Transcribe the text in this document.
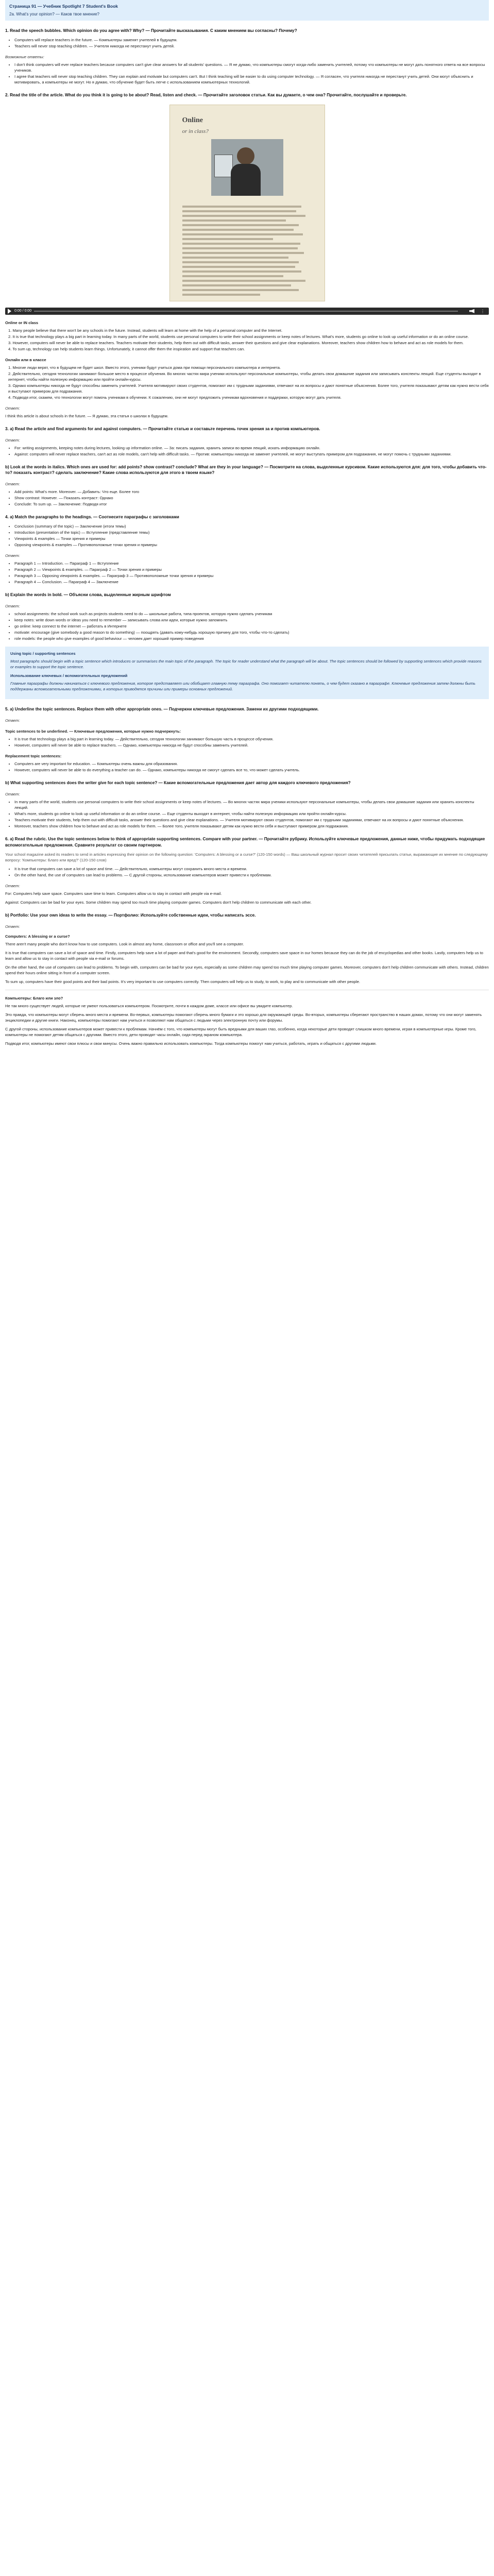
Страница 91 — Учебник Spotlight 7 Student's Book
2a. What's your opinion? — Каков твое мнение?
1. Read the speech bubbles. Which opinion do you agree with? Why? — Прочитайте высказывания. С каким мнением вы согласны? Почему?
• Computers will replace teachers in the future. — Компьютеры заменят учителей в будущем.
• Teachers will never stop teaching children. — Учителя никогда не перестанут учить детей.
Возможные ответы:
• I don't think computers will ever replace teachers because computers can't give clear answers for all students' questions. — Я не думаю, что компьютеры смогут когда-либо заменить учителей, потому что компьютеры не могут дать понятного ответа на все вопросы учеников.
• I agree that teachers will never stop teaching children. They can explain and motivate but computers can't. But I think teaching will be easier to do using computer technology. — Я согласен, что учителя никогда не перестанут учить детей. Они могут объяснить и мотивировать, а компьютеры не могут. Но я думаю, что обучение будет быть легче с использованием компьютерных технологий.
2. Read the title of the article. What do you think it is going to be about? Read, listen and check. — Прочитайте заголовок статьи. Как вы думаете, о чем она? Прочитайте, послушайте и проверьте.
Online
or in class?
0:00 / 0:00	⋮
Online or IN class
1. Many people believe that there won't be any schools in the future. Instead, students will learn at home with the help of a personal computer and the Internet.
2. It is true that technology plays a big part in learning today. In many parts of the world, students use personal computers to write their school assignments or keep notes of lectures. What's more, students go online to look up useful information or do an online course.
3. However, computers will never be able to replace teachers. Teachers motivate their students, help them out with difficult tasks, answer their questions and give clear explanations. Moreover, teachers show children how to behave and act as role models for them.
4. To sum up, technology can help students learn things. Unfortunately, it cannot offer them the inspiration and support that teachers can.
Онлайн или в классе
1. Многие люди верят, что в будущем не будет школ. Вместо этого, ученики будут учиться дома при помощи персонального компьютера и интернета.
2. Действительно, сегодня технологии занимают большое место в процессе обучения. Во многих частях мира ученики используют персональные компьютеры, чтобы делать свои домашние задания или записывать конспекты лекций. Еще студенты выходят в интернет, чтобы найти полезную информацию или пройти онлайн-курсы.
3. Однако компьютеры никогда не будут способны заменить учителей. Учителя мотивируют своих студентов, помогают им с трудными заданиями, отвечают на их вопросы и дают понятные объяснения. Более того, учителя показывают детям как нужно вести себя и выступают примером для подражания.
4. Подводя итог, скажем, что технологии могут помочь ученикам в обучении. К сожалению, они не могут предложить ученикам вдохновения и поддержки, которую могут дать учителя.
Ответ:

I think this article is about schools in the future. — Я думаю, эта статья о школах в будущем.

3. a) Read the article and find arguments for and against computers. — Прочитайте статью и составьте перечень точек зрения за и против компьютеров.
Ответ:
• For: writing assignments, keeping notes during lectures, looking up information online. — За: писать задания, хранить записи во время лекций, искать информацию онлайн.
• Against: computers will never replace teachers, can't act as role models, can't help with difficult tasks. — Против: компьютеры никогда не заменят учителей, не могут выступать примером для подражания, не могут помочь с трудными заданиями.
b) Look at the words in italics. Which ones are used for: add points? show contrast? conclude? What are they in your language? — Посмотрите на слова, выделенные курсивом. Какие используются для: для того, чтобы добавить что-то? показать контраст? сделать заключение? Какие слова используются для этого в твоем языке?
Ответ:
• Add points: What's more. Moreover. — Добавить: Что еще. Более того
• Show contrast: However. — Показать контраст: Однако
• Conclude: To sum up. — Заключение: Подводя итог
4. a) Match the paragraphs to the headings. — Соотнесите параграфы с заголовками
• Conclusion (summary of the topic) — Заключение (итоги темы)
• Introduction (presentation of the topic) — Вступление (представление темы)
• Viewpoints & examples — Точки зрения и примеры
• Opposing viewpoints & examples — Противоположные точки зрения и примеры
Ответ:
• Paragraph 1 — Introduction. — Параграф 1 — Вступление
• Paragraph 2 — Viewpoints & examples. — Параграф 2 — Точки зрения и примеры
• Paragraph 3 — Opposing viewpoints & examples. — Параграф 3 — Противоположные точки зрения и примеры
• Paragraph 4 — Conclusion. — Параграф 4 — Заключение
b) Explain the words in bold. — Объясни слова, выделенные жирным шрифтом
Ответ:
• school assignments: the school work such as projects students need to do — школьные работа, типа проектов, которую нужно сделать ученикам
• keep notes: write down words or ideas you need to remember — записывать слова или идеи, которые нужно запомнить
• go online: keep connect to the internet — работать в Интернете
• motivate: encourage (give somebody a good reason to do something) — поощрять (давать кому-нибудь хорошую причину для того, чтобы что-то сделать)
• role models: the people who give examples of good behaviour — человек дает хороший пример поведения
Using topic / supporting sentences

Most paragraphs should begin with a topic sentence which introduces or summarises the main topic of the paragraph. The topic for reader understand what the paragraph will be about. The topic sentences should be followed by supporting sentences which provide reasons or examples to support the topic sentence.

Использование ключевых / вспомогательных предложений

Главные параграфы должны начинаться с ключевого предложения, которое представляет или обобщает главную тему параграфа. Оно помогает читателю понять, о чем будет сказано в параграфе. Ключевые предложения затем должны быть поддержаны вспомогательными предложениями, в которых приводятся причины или примеры основных предложений.

5. a) Underline the topic sentences. Replace them with other appropriate ones. — Подчеркни ключевые предложения. Замени их другими подходящими.
Ответ:
Topic sentences to be underlined. — Ключевые предложения, которые нужно подчеркнуть:
• It is true that technology plays a big part in learning today. — Действительно, сегодня технологии занимают большую часть в процессе обучения.
• However, computers will never be able to replace teachers. — Однако, компьютеры никогда не будут способны заменить учителей.
Replacement topic sentences:
• Computers are very important for education. — Компьютеры очень важны для образования.
• However, computers will never be able to do everything a teacher can do. — Однако, компьютеры никогда не смогут сделать все то, что может сделать учитель.
b) What supporting sentences does the writer give for each topic sentence? — Какие вспомогательные предложения дает автор для каждого ключевого предложения?
Ответ:
• In many parts of the world, students use personal computers to write their school assignments or keep notes of lectures. — Во многих частях мира ученики используют персональные компьютеры, чтобы делать свои домашние задания или хранить конспекты лекций.
• What's more, students go online to look up useful information or do an online course. — Еще студенты выходят в интернет, чтобы найти полезную информацию или пройти онлайн-курсы.
• Teachers motivate their students, help them out with difficult tasks, answer their questions and give clear explanations. — Учителя мотивируют своих студентов, помогают им с трудными заданиями, отвечают на их вопросы и дают понятные объяснения.
• Moreover, teachers show children how to behave and act as role models for them. — Более того, учителя показывают детям как нужно вести себя и выступают примером для подражания.
6. a) Read the rubric. Use the topic sentences below to think of appropriate supporting sentences. Compare with your partner. — Прочитайте рубрику. Используйте ключевые предложения, данные ниже, чтобы придумать подходящие вспомогательные предложения. Сравните результат со своим партнером.

Your school magazine asked its readers to send in articles expressing their opinion on the following question: 'Computers: A blessing or a curse?' (120-150 words) — Ваш школьный журнал просит своих читателей присылать статьи, выражающие их мнение по следующему вопросу: 'Компьютеры: Благо или вред?' (120-150 слов)

• It is true that computers can save a lot of space and time. — Действительно, компьютеры могут сохранить много места и времени.
• On the other hand, the use of computers can lead to problems. — С другой стороны, использование компьютеров может привести к проблемам.
Ответ:

For: Computers help save space. Computers save time to learn. Computers allow us to stay in contact with people via e-mail.

Against: Computers can be bad for your eyes. Some children may spend too much time playing computer games. Computers don't help children to communicate with each other.

b) Portfolio: Use your own ideas to write the essay. — Портфолио: Используйте собственные идеи, чтобы написать эссе.
Ответ:
Computers: A blessing or a curse?

There aren't many people who don't know how to use computers. Look in almost any home, classroom or office and you'll see a computer.

It is true that computers can save a lot of space and time. Firstly, computers help save a lot of paper and that's good for the environment. Secondly, computers save space in our homes because they can do the job of encyclopedias and other books. Lastly, computers help us to learn and allow us to stay in contact with people via e-mail or forums.

On the other hand, the use of computers can lead to problems. To begin with, computers can be bad for your eyes, especially as some children may spend too much time playing computer games. Moreover, computers don't help children communicate with others. Instead, children spend their hours online sitting in front of a computer screen.

To sum up, computers have their good points and their bad points. It's very important to use computers correctly. Then computers will help us to study, to work, to play and to communicate with other people.

Компьютеры: Благо или зло?

Не так много существует людей, которые не умеют пользоваться компьютером. Посмотрите, почти в каждом доме, классе или офисе вы увидите компьютер.

Это правда, что компьютеры могут сберечь много места и времени. Во-первых, компьютеры помогают сберечь много бумаги и это хорошо для окружающей среды. Во-вторых, компьютеры сберегают пространство в наших домах, потому что они могут заменять энциклопедии и другие книги. Наконец, компьютеры помогают нам учиться и позволяют нам общаться с людьми через электронную почту или форумы.

С другой стороны, использование компьютеров может привести к проблемам. Начнём с того, что компьютеры могут быть вредными для ваших глаз, особенно, когда некоторые дети проводят слишком много времени, играя в компьютерные игры. Кроме того, компьютеры не помогают детям общаться с другими. Вместо этого, дети проводят часы онлайн, сидя перед экраном компьютера.

Подводя итог, компьютеры имеют свои плюсы и свои минусы. Очень важно правильно использовать компьютеры. Тогда компьютеры помогут нам учиться, работать, играть и общаться с другими людьми.
